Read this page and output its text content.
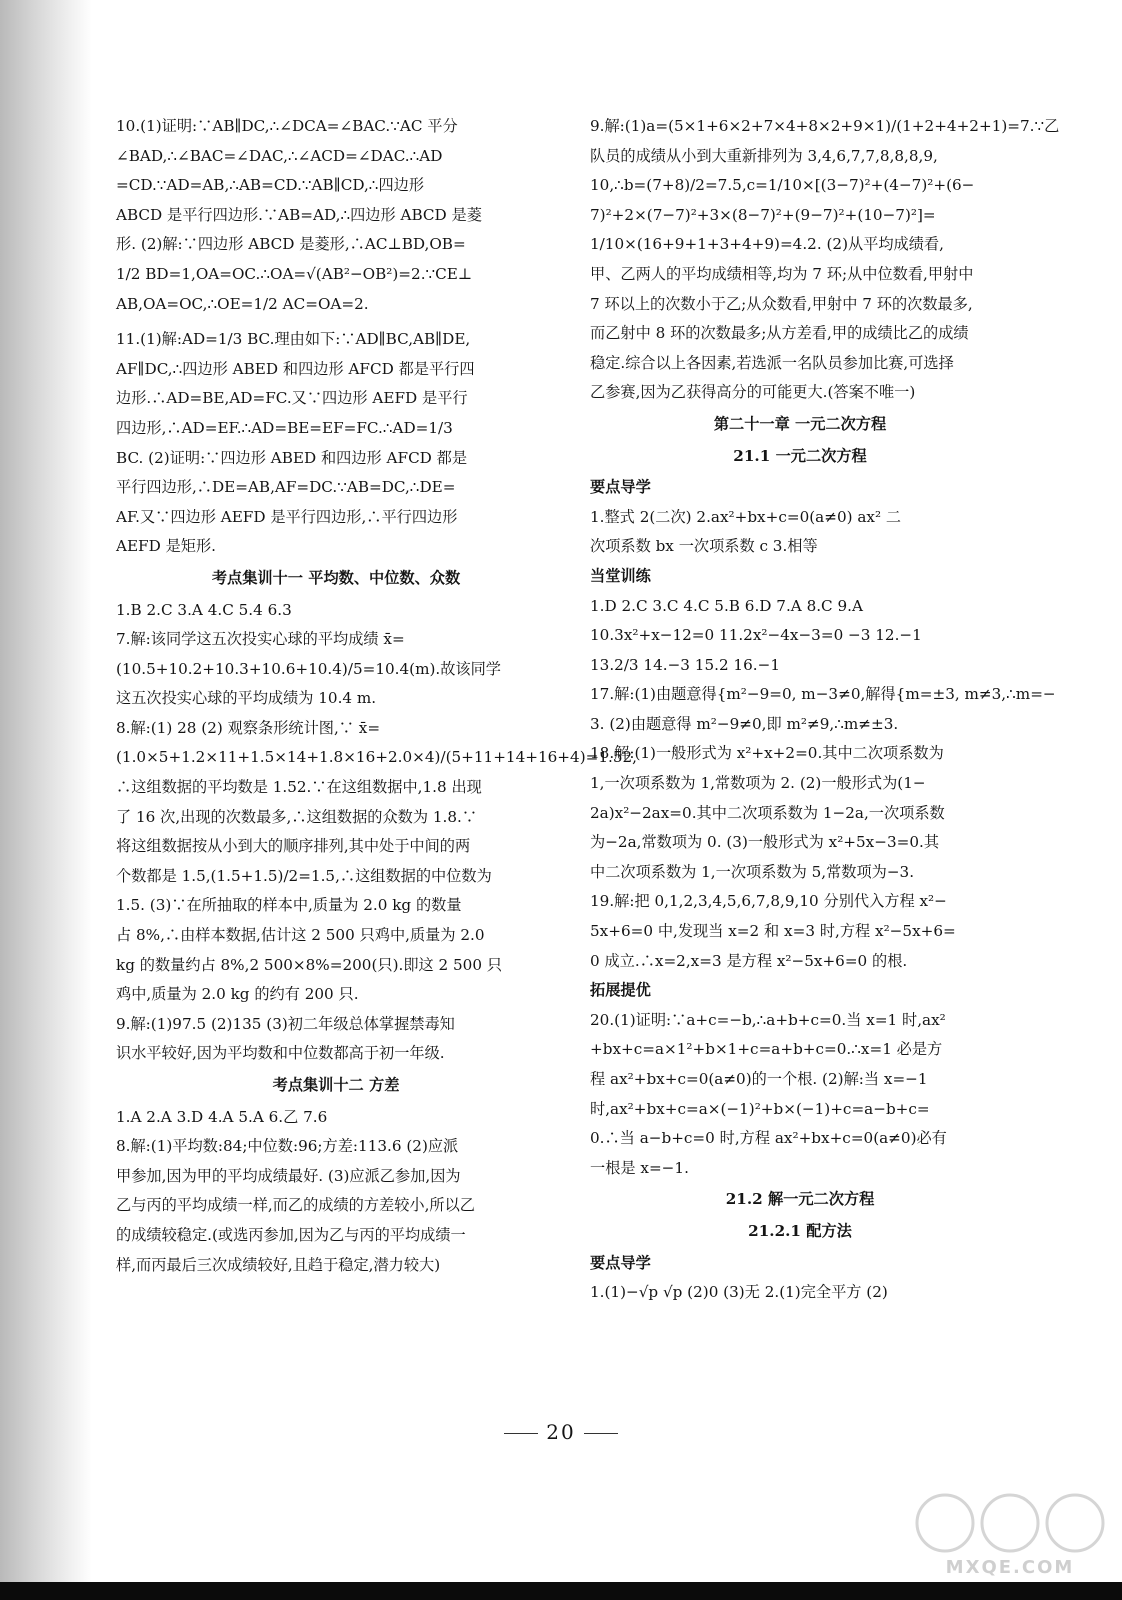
10.(1)证明:∵AB∥DC,∴∠DCA=∠BAC.∵AC 平分

∠BAD,∴∠BAC=∠DAC,∴∠ACD=∠DAC.∴AD

=CD.∵AD=AB,∴AB=CD.∵AB∥CD,∴四边形

ABCD 是平行四边形.∵AB=AD,∴四边形 ABCD 是菱

形. (2)解:∵四边形 ABCD 是菱形,∴AC⊥BD,OB=

1/2 BD=1,OA=OC.∴OA=√(AB²−OB²)=2.∵CE⊥

AB,OA=OC,∴OE=1/2 AC=OA=2.

11.(1)解:AD=1/3 BC.理由如下:∵AD∥BC,AB∥DE,

AF∥DC,∴四边形 ABED 和四边形 AFCD 都是平行四

边形.∴AD=BE,AD=FC.又∵四边形 AEFD 是平行

四边形,∴AD=EF.∴AD=BE=EF=FC.∴AD=1/3

BC. (2)证明:∵四边形 ABED 和四边形 AFCD 都是

平行四边形,∴DE=AB,AF=DC.∵AB=DC,∴DE=

AF.又∵四边形 AEFD 是平行四边形,∴平行四边形

AEFD 是矩形.

考点集训十一 平均数、中位数、众数

1.B 2.C 3.A 4.C 5.4 6.3

7.解:该同学这五次投实心球的平均成绩 x̄=

(10.5+10.2+10.3+10.6+10.4)/5=10.4(m).故该同学

这五次投实心球的平均成绩为 10.4 m.

8.解:(1) 28 (2) 观察条形统计图,∵ x̄=

(1.0×5+1.2×11+1.5×14+1.8×16+2.0×4)/(5+11+14+16+4)=1.52,

∴这组数据的平均数是 1.52.∵在这组数据中,1.8 出现

了 16 次,出现的次数最多,∴这组数据的众数为 1.8.∵

将这组数据按从小到大的顺序排列,其中处于中间的两

个数都是 1.5,(1.5+1.5)/2=1.5,∴这组数据的中位数为

1.5. (3)∵在所抽取的样本中,质量为 2.0 kg 的数量

占 8%,∴由样本数据,估计这 2 500 只鸡中,质量为 2.0

kg 的数量约占 8%,2 500×8%=200(只).即这 2 500 只

鸡中,质量为 2.0 kg 的约有 200 只.

9.解:(1)97.5 (2)135 (3)初二年级总体掌握禁毒知

识水平较好,因为平均数和中位数都高于初一年级.

考点集训十二 方差

1.A 2.A 3.D 4.A 5.A 6.乙 7.6

8.解:(1)平均数:84;中位数:96;方差:113.6 (2)应派

甲参加,因为甲的平均成绩最好. (3)应派乙参加,因为

乙与丙的平均成绩一样,而乙的成绩的方差较小,所以乙

的成绩较稳定.(或选丙参加,因为乙与丙的平均成绩一

样,而丙最后三次成绩较好,且趋于稳定,潜力较大)

9.解:(1)a=(5×1+6×2+7×4+8×2+9×1)/(1+2+4+2+1)=7.∵乙

队员的成绩从小到大重新排列为 3,4,6,7,7,8,8,8,9,

10,∴b=(7+8)/2=7.5,c=1/10×[(3−7)²+(4−7)²+(6−

7)²+2×(7−7)²+3×(8−7)²+(9−7)²+(10−7)²]=

1/10×(16+9+1+3+4+9)=4.2. (2)从平均成绩看,

甲、乙两人的平均成绩相等,均为 7 环;从中位数看,甲射中

7 环以上的次数小于乙;从众数看,甲射中 7 环的次数最多,

而乙射中 8 环的次数最多;从方差看,甲的成绩比乙的成绩

稳定.综合以上各因素,若选派一名队员参加比赛,可选择

乙参赛,因为乙获得高分的可能更大.(答案不唯一)

第二十一章 一元二次方程

21.1 一元二次方程

要点导学

1.整式 2(二次) 2.ax²+bx+c=0(a≠0) ax² 二

次项系数 bx 一次项系数 c 3.相等

当堂训练

1.D 2.C 3.C 4.C 5.B 6.D 7.A 8.C 9.A

10.3x²+x−12=0 11.2x²−4x−3=0 −3 12.−1

13.2/3 14.−3 15.2 16.−1

17.解:(1)由题意得{m²−9=0, m−3≠0,解得{m=±3, m≠3,∴m=−

3. (2)由题意得 m²−9≠0,即 m²≠9,∴m≠±3.

18.解:(1)一般形式为 x²+x+2=0.其中二次项系数为

1,一次项系数为 1,常数项为 2. (2)一般形式为(1−

2a)x²−2ax=0.其中二次项系数为 1−2a,一次项系数

为−2a,常数项为 0. (3)一般形式为 x²+5x−3=0.其

中二次项系数为 1,一次项系数为 5,常数项为−3.

19.解:把 0,1,2,3,4,5,6,7,8,9,10 分别代入方程 x²−

5x+6=0 中,发现当 x=2 和 x=3 时,方程 x²−5x+6=

0 成立.∴x=2,x=3 是方程 x²−5x+6=0 的根.

拓展提优

20.(1)证明:∵a+c=−b,∴a+b+c=0.当 x=1 时,ax²

+bx+c=a×1²+b×1+c=a+b+c=0.∴x=1 必是方

程 ax²+bx+c=0(a≠0)的一个根. (2)解:当 x=−1

时,ax²+bx+c=a×(−1)²+b×(−1)+c=a−b+c=

0.∴当 a−b+c=0 时,方程 ax²+bx+c=0(a≠0)必有

一根是 x=−1.

21.2 解一元二次方程

21.2.1 配方法

要点导学

1.(1)−√p √p (2)0 (3)无 2.(1)完全平方 (2)

20
MXQE.COM
